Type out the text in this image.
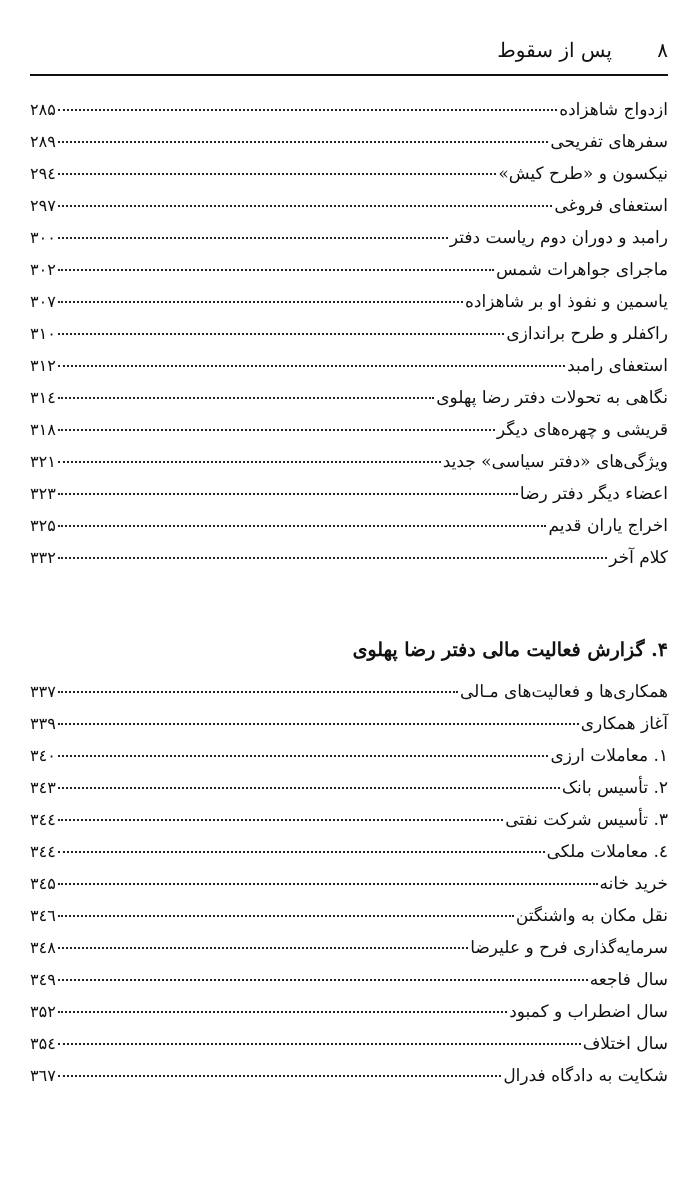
۸
پس از سقوط
ازدواج شاهزاده
۲۸۵
سفرهای تفریحی
۲۸۹
نیکسون و «طرح کیش»
۲۹٤
استعفای فروغی
۲۹۷
رامبد و دوران دوم ریاست دفتر
۳۰۰
ماجرای جواهرات شمس
۳۰۲
یاسمین و نفوذ او بر شاهزاده
۳۰۷
راکفلر و طرح براندازی
۳۱۰
استعفای رامبد
۳۱۲
نگاهی به تحولات دفتر رضا پهلوی
۳۱٤
قریشی و چهره‌های دیگر
۳۱۸
ویژگی‌های «دفتر سیاسی» جدید
۳۲۱
اعضاء دیگر دفتر رضا
۳۲۳
اخراج یاران قدیم
۳۲۵
کلام آخر
۳۳۲
۴. گزارش فعالیت مالی دفتر رضا پهلوی
همکاری‌ها و فعالیت‌های مـالی
۳۳۷
آغاز همکاری
۳۳۹
۱. معاملات ارزی
۳٤۰
۲. تأسیس بانک
۳٤۳
۳. تأسیس شرکت نفتی
۳٤٤
٤. معاملات ملکی
۳٤٤
خرید خانه
۳٤۵
نقل مکان به واشنگتن
۳٤٦
سرمایه‌گذاری فرح و علیرضا
۳٤۸
سال فاجعه
۳٤۹
سال اضطراب و کمبود
۳۵۲
سال اختلاف
۳۵٤
شکایت به دادگاه فدرال
۳٦۷
